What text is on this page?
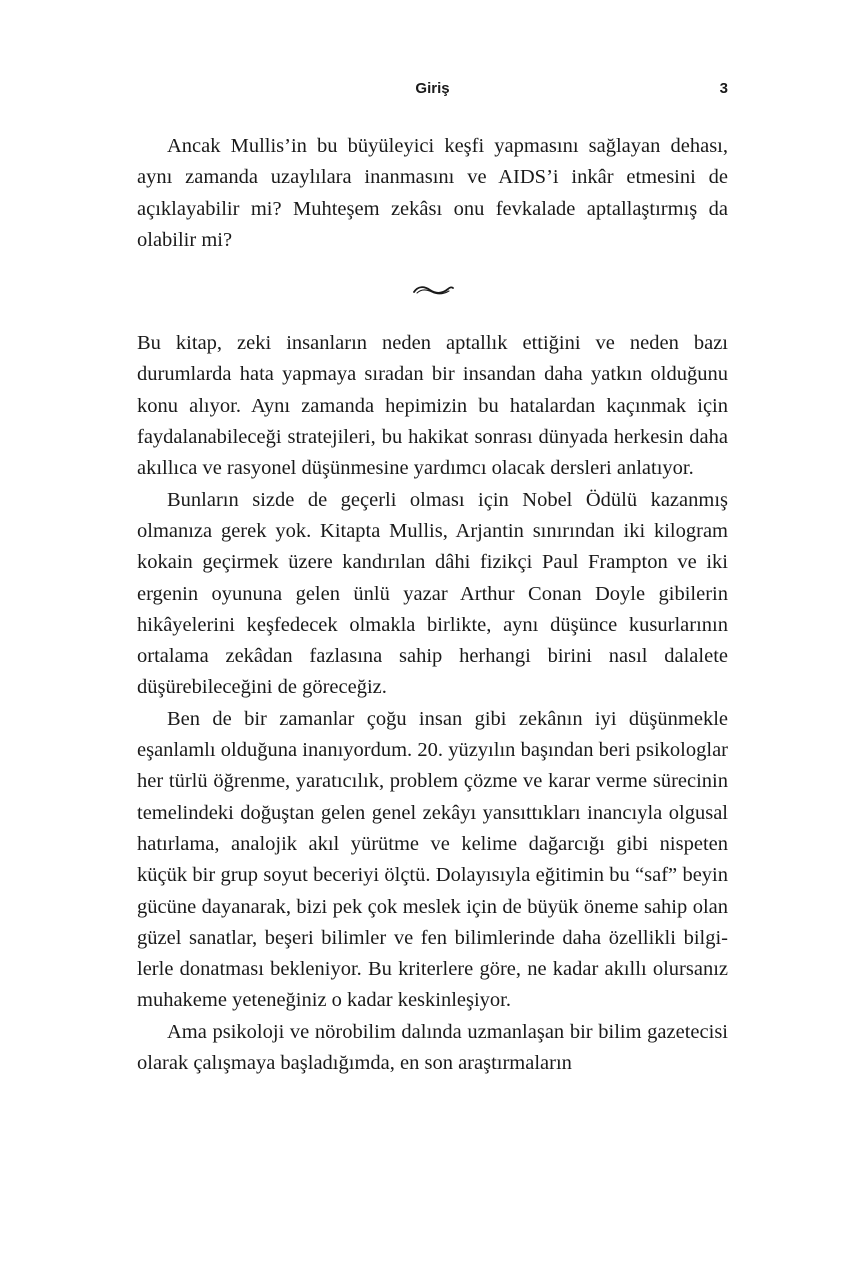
Giriş	3

Ancak Mullis’in bu büyüleyici keşfi yapmasını sağlayan dehası, aynı zamanda uzaylılara inanmasını ve AIDS’i inkâr etmesini de açıklayabilir mi? Muhteşem zekâsı onu fevkalade aptallaştırmış da olabilir mi?

Bu kitap, zeki insanların neden aptallık ettiğini ve neden bazı durumlarda hata yapmaya sıradan bir insandan daha yatkın olduğunu konu alıyor. Aynı zamanda hepimizin bu hatalardan kaçınmak için faydalanabileceği stratejileri, bu hakikat sonrası dünyada herkesin daha akıllıca ve rasyonel düşünmesine yardımcı olacak dersleri anlatıyor.

Bunların sizde de geçerli olması için Nobel Ödülü kazanmış olmanıza gerek yok. Kitapta Mullis, Arjantin sınırından iki kilogram kokain geçirmek üzere kandırılan dâhi fizikçi Paul Frampton ve iki ergenin oyununa gelen ünlü yazar Arthur Conan Doyle gibilerin hikâyelerini keşfedecek olmakla birlikte, aynı düşünce kusurlarının ortalama zekâdan fazlasına sahip herhangi birini nasıl dalalete düşürebileceğini de göreceğiz.

Ben de bir zamanlar çoğu insan gibi zekânın iyi düşünmekle eşanlamlı olduğuna inanıyordum. 20. yüzyılın başından beri psikologlar her türlü öğrenme, yaratıcılık, problem çözme ve karar verme sürecinin temelindeki doğuştan gelen genel zekâyı yansıttıkları inancıyla olgusal hatırlama, analojik akıl yürütme ve kelime dağarcığı gibi nispeten küçük bir grup soyut beceriyi ölçtü. Dolayısıyla eğitimin bu “saf” beyin gücüne dayanarak, bizi pek çok meslek için de büyük öneme sahip olan güzel sanatlar, beşeri bilimler ve fen bilimlerinde daha özellikli bilgilerle donatması bekleniyor. Bu kriterlere göre, ne kadar akıllı olursanız muhakeme yeteneğiniz o kadar keskinleşiyor.

Ama psikoloji ve nörobilim dalında uzmanlaşan bir bilim gazetecisi olarak çalışmaya başladığımda, en son araştırmaların
